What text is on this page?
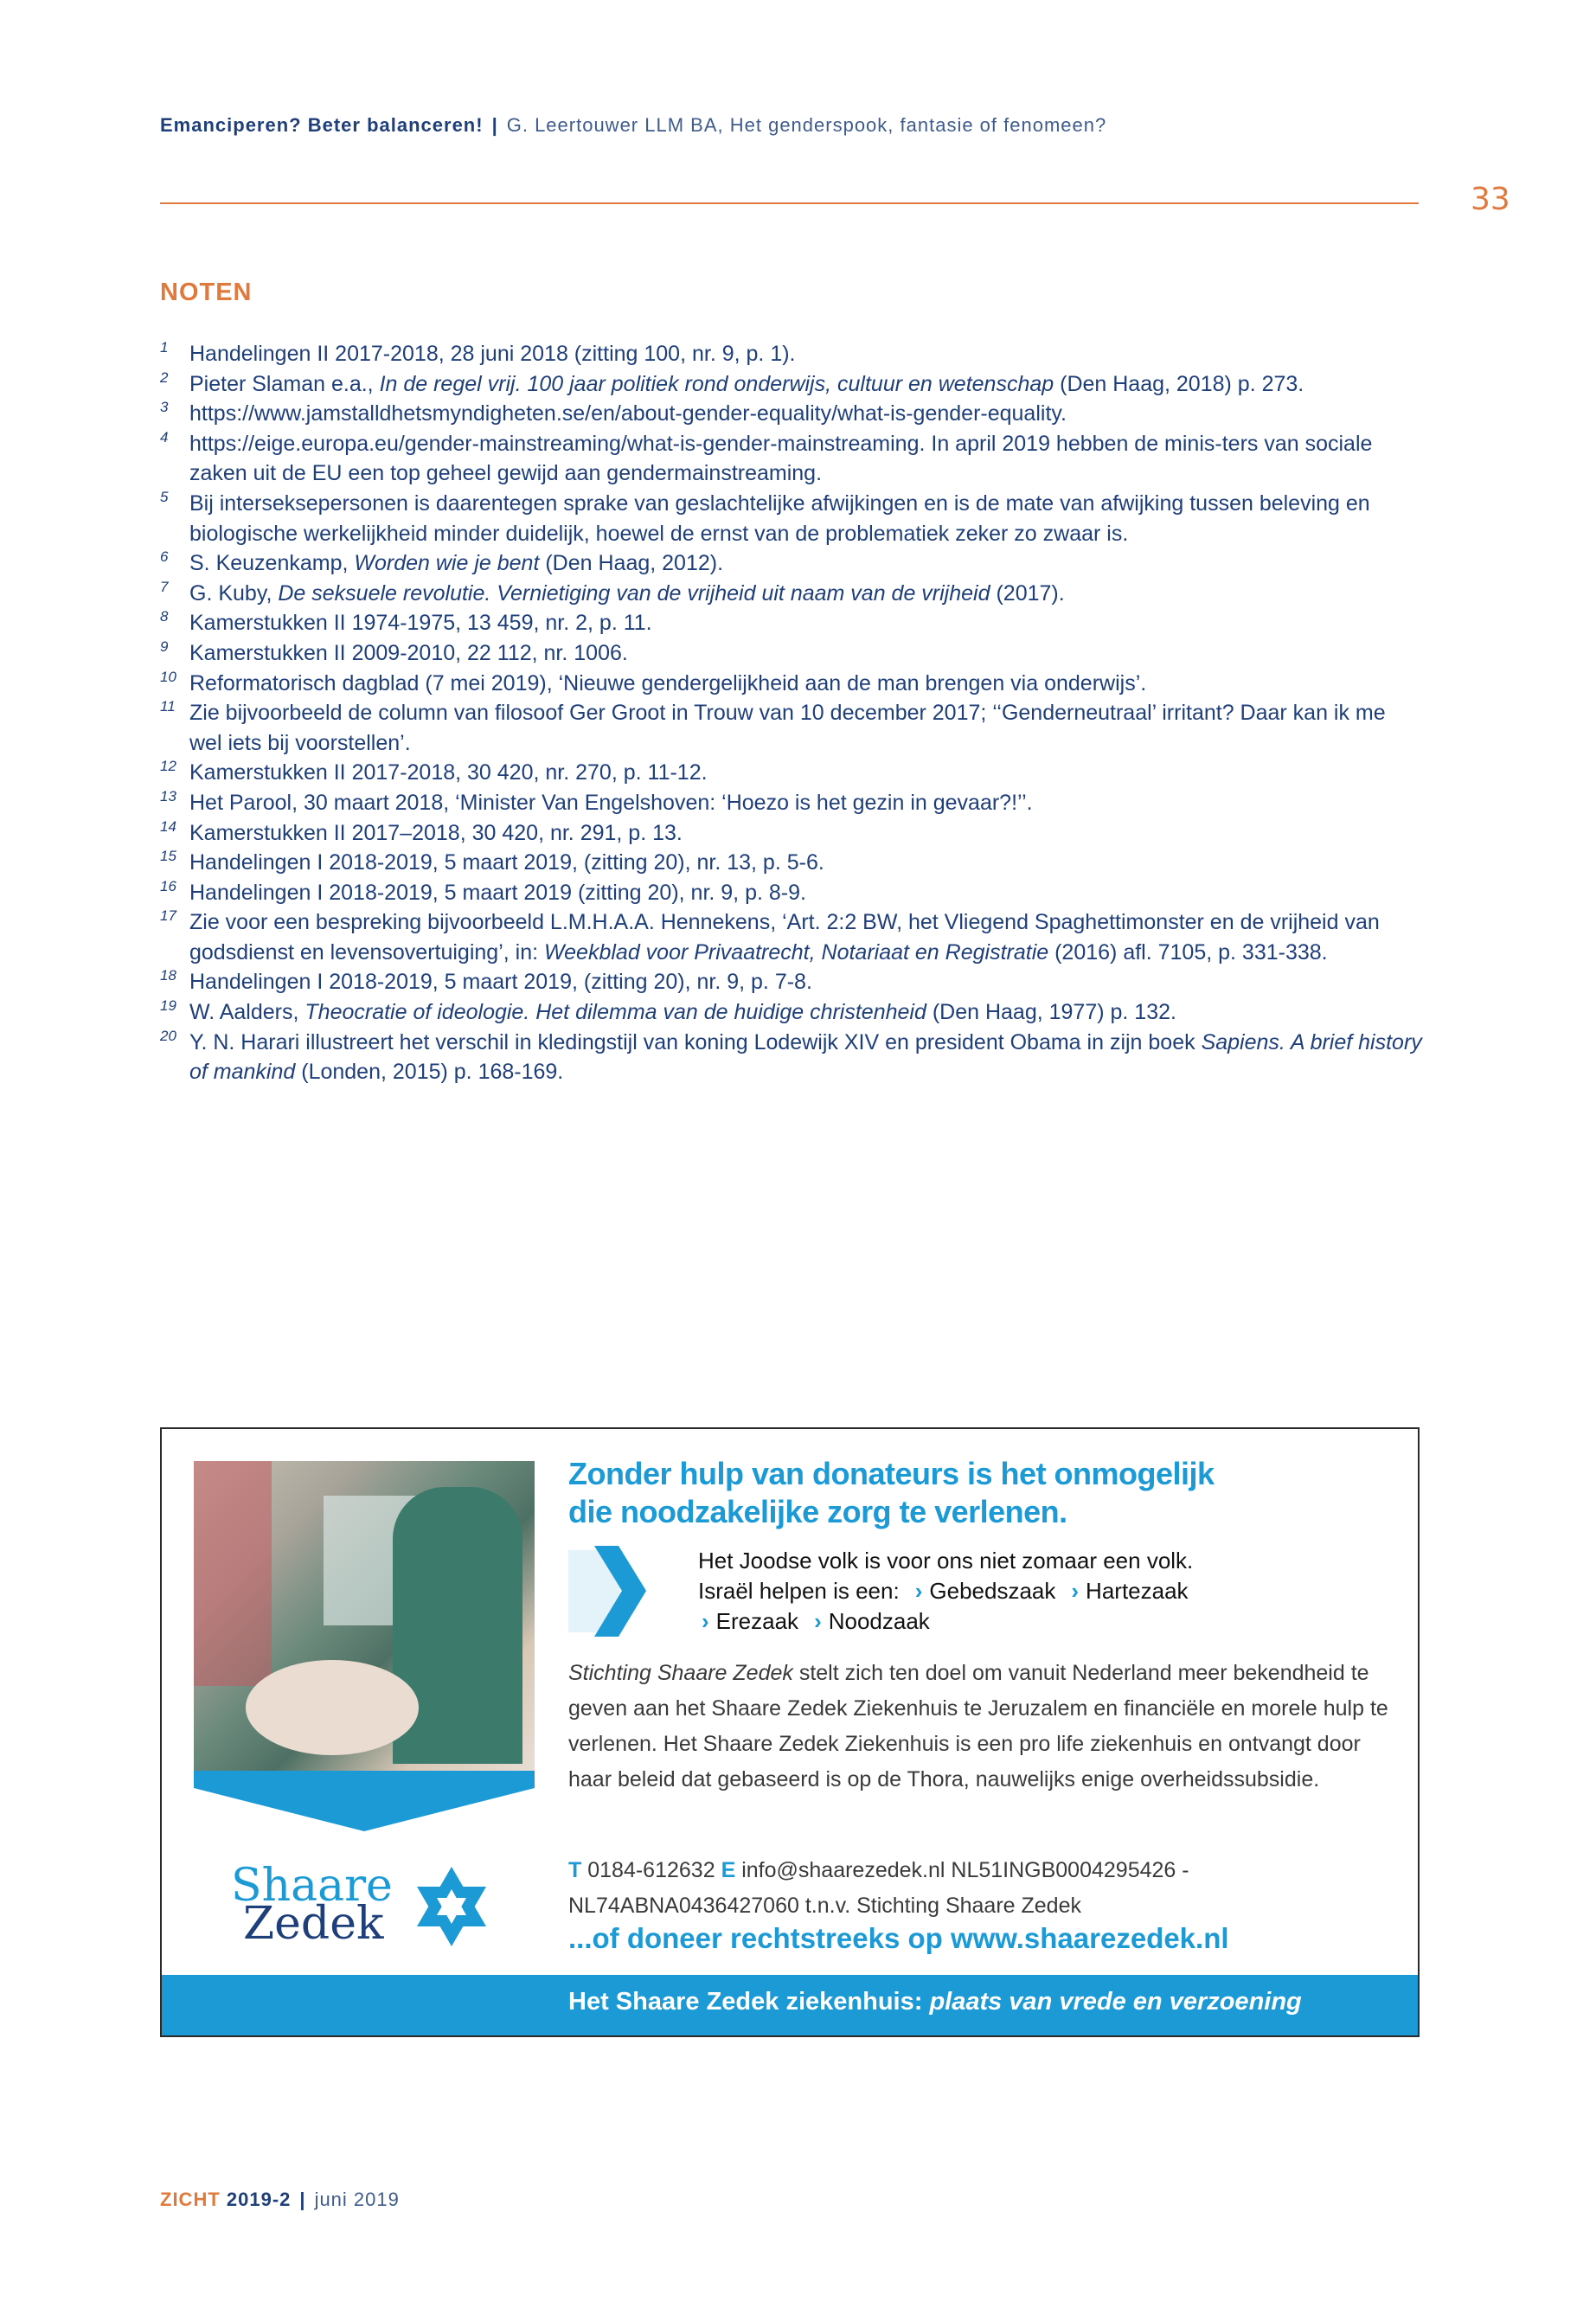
Emanciperen? Beter balanceren! | G. Leertouwer LLM BA, Het genderspook, fantasie of fenomeen?
33
NOTEN
1 Handelingen II 2017-2018, 28 juni 2018 (zitting 100, nr. 9, p. 1).
2 Pieter Slaman e.a., In de regel vrij. 100 jaar politiek rond onderwijs, cultuur en wetenschap (Den Haag, 2018) p. 273.
3 https://www.jamstalldhetsmyndigheten.se/en/about-gender-equality/what-is-gender-equality.
4 https://eige.europa.eu/gender-mainstreaming/what-is-gender-mainstreaming. In april 2019 hebben de minis-ters van sociale zaken uit de EU een top geheel gewijd aan gendermainstreaming.
5 Bij interseksepersonen is daarentegen sprake van geslachtelijke afwijkingen en is de mate van afwijking tussen beleving en biologische werkelijkheid minder duidelijk, hoewel de ernst van de problematiek zeker zo zwaar is.
6 S. Keuzenkamp, Worden wie je bent (Den Haag, 2012).
7 G. Kuby, De seksuele revolutie. Vernietiging van de vrijheid uit naam van de vrijheid (2017).
8 Kamerstukken II 1974-1975, 13 459, nr. 2, p. 11.
9 Kamerstukken II 2009-2010, 22 112, nr. 1006.
10 Reformatorisch dagblad (7 mei 2019), ‘Nieuwe gendergelijkheid aan de man brengen via onderwijs’.
11 Zie bijvoorbeeld de column van filosoof Ger Groot in Trouw van 10 december 2017; ‘‘Genderneutraal’ irritant? Daar kan ik me wel iets bij voorstellen’.
12 Kamerstukken II 2017-2018, 30 420, nr. 270, p. 11-12.
13 Het Parool, 30 maart 2018, ‘Minister Van Engelshoven: ‘Hoezo is het gezin in gevaar?!’’.
14 Kamerstukken II 2017–2018, 30 420, nr. 291, p. 13.
15 Handelingen I 2018-2019, 5 maart 2019, (zitting 20), nr. 13, p. 5-6.
16 Handelingen I 2018-2019, 5 maart 2019 (zitting 20), nr. 9, p. 8-9.
17 Zie voor een bespreking bijvoorbeeld L.M.H.A.A. Hennekens, ‘Art. 2:2 BW, het Vliegend Spaghettimonster en de vrijheid van godsdienst en levensovertuiging’, in: Weekblad voor Privaatrecht, Notariaat en Registratie (2016) afl. 7105, p. 331-338.
18 Handelingen I 2018-2019, 5 maart 2019, (zitting 20), nr. 9, p. 7-8.
19 W. Aalders, Theocratie of ideologie. Het dilemma van de huidige christenheid (Den Haag, 1977) p. 132.
20 Y. N. Harari illustreert het verschil in kledingstijl van koning Lodewijk XIV en president Obama in zijn boek Sapiens. A brief history of mankind (Londen, 2015) p. 168-169.
Shaare
Zedek
Zonder hulp van donateurs is het onmogelijk
die noodzakelijke zorg te verlenen.
Het Joodse volk is voor ons niet zomaar een volk.
Israël helpen is een: › Gebedszaak › Hartezaak
› Erezaak › Noodzaak
Stichting Shaare Zedek stelt zich ten doel om vanuit Nederland meer bekendheid te geven aan het Shaare Zedek Ziekenhuis te Jeruzalem en financiële en morele hulp te verlenen. Het Shaare Zedek Ziekenhuis is een pro life ziekenhuis en ontvangt door haar beleid dat gebaseerd is op de Thora, nauwelijks enige overheidssubsidie.
T 0184-612632 E info@shaarezedek.nl NL51INGB0004295426 - NL74ABNA0436427060 t.n.v. Stichting Shaare Zedek
...of doneer rechtstreeks op www.shaarezedek.nl
Het Shaare Zedek ziekenhuis: plaats van vrede en verzoening
ZICHT 2019-2 | juni 2019
